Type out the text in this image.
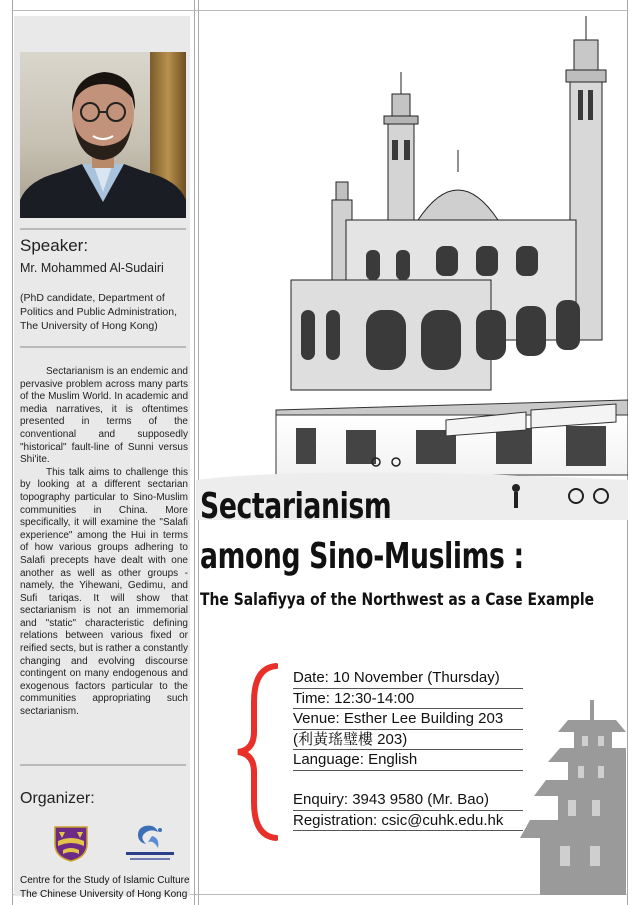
Speaker:
Mr. Mohammed Al-Sudairi
(PhD candidate, Department of
Politics and Public Administration,
The University of Hong Kong)

Sectarianism is an endemic and pervasive problem across many parts of the Muslim World. In academic and media narratives, it is oftentimes presented in terms of the conventional and supposedly "historical" fault-line of Sunni versus Shi'ite.

This talk aims to challenge this by looking at a different sectarian topography particular to Sino-Muslim communities in China. More specifically, it will examine the "Salafi experience" among the Hui in terms of how various groups adhering to Salafi precepts have dealt with one another as well as other groups - namely, the Yihewani, Gedimu, and Sufi tariqas. It will show that sectarianism is not an immemorial and "static" characteristic defining relations between various fixed or reified sects, but is rather a constantly changing and evolving discourse contingent on many endogenous and exogenous factors particular to the communities appropriating such sectarianism.

Organizer:
Centre for the Study of Islamic Culture
The Chinese University of Hong Kong
Sectarianism
among Sino-Muslims :
The Salafiyya of the Northwest as a Case Example
Date: 10 November (Thursday)
Time: 12:30-14:00
Venue: Esther Lee Building 203
(利黃瑤璧樓 203)
Language: English
Enquiry: 3943 9580 (Mr. Bao)
Registration: csic@cuhk.edu.hk
